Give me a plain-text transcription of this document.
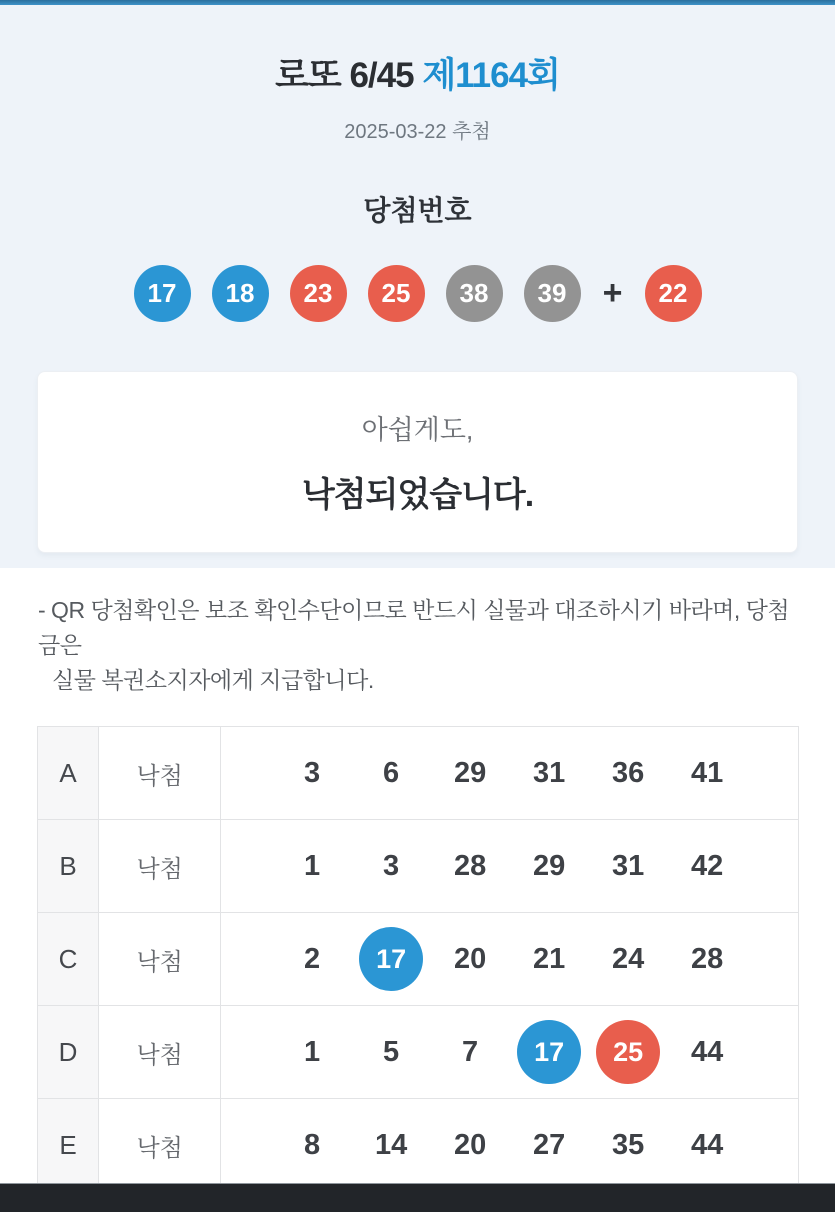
로또 6/45 제1164회
2025-03-22 추첨
당첨번호
17	18	23	25	38	39	+	22
아쉽게도,
낙첨되었습니다.
- QR 당첨확인은 보조 확인수단이므로 반드시 실물과 대조하시기 바라며, 당첨금은
실물 복권소지자에게 지급합니다.
A	낙첨	3	6	29	31	36	41

B	낙첨	1	3	28	29	31	42

C	낙첨	2	17	20	21	24	28

D	낙첨	1	5	7	17	25	44

E	낙첨	8	14	20	27	35	44
